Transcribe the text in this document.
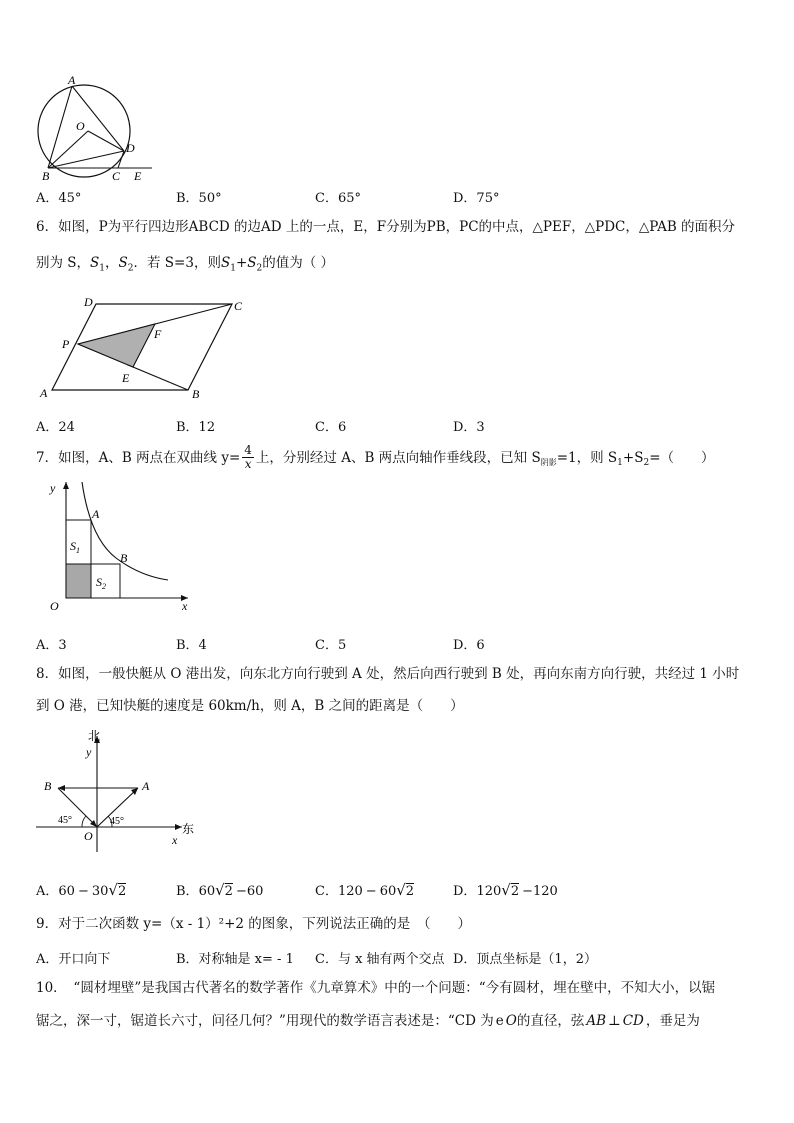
A
O
D
B	C E
A．45°	B．50°	C．65°	D．75°
6．如图，P为平行四边形ABCD 的边AD 上的一点，E，F分别为PB，PC的中点，△PEF，△PDC，△PAB 的面积分
别为 S，$S_1$，$S_2$．若 S=3，则$S_1+S_2$的值为（ ）
D	C
P
F
E
A	B
A．24	B．12	C．6	D．3
7．如图，A、B 两点在双曲线 $y= \frac{4}{x}$ 上，分别经过 A、B 两点向轴作垂线段，已知 $S_{阴影} =1$，则 $S_1 +S_2$ =（　　）
y
A
$S_1$
B
$S_2$
O	x
A．3	B．4	C．5	D．6
8．如图，一般快艇从 O 港出发，向东北方向行驶到 A 处，然后向西行驶到 B 处，再向东南方向行驶，共经过 1 小时
到 O 港，已知快艇的速度是 60km/h，则 A，B 之间的距离是（　　）
北
y
B	A
45°	45°
O	东
x
A．60 − 30√2	B．60√2 −60	C．120 − 60√2	D．120√2 −120
9．对于二次函数 y=（x - 1）²+2 的图象，下列说法正确的是　（　　）
A．开口向下	B．对称轴是 x= - 1 C．与 x 轴有两个交点 D．顶点坐标是（1，2）
10．　“圆材埋壁”是我国古代著名的数学著作《九章算术》中的一个问题：“今有圆材，埋在壁中，不知大小，以锯
锯之，深一寸，锯道长六寸，问径几何？”用现代的数学语言表述是：“CD 为 e O的直径，弦 AB ⊥ CD ，垂足为
